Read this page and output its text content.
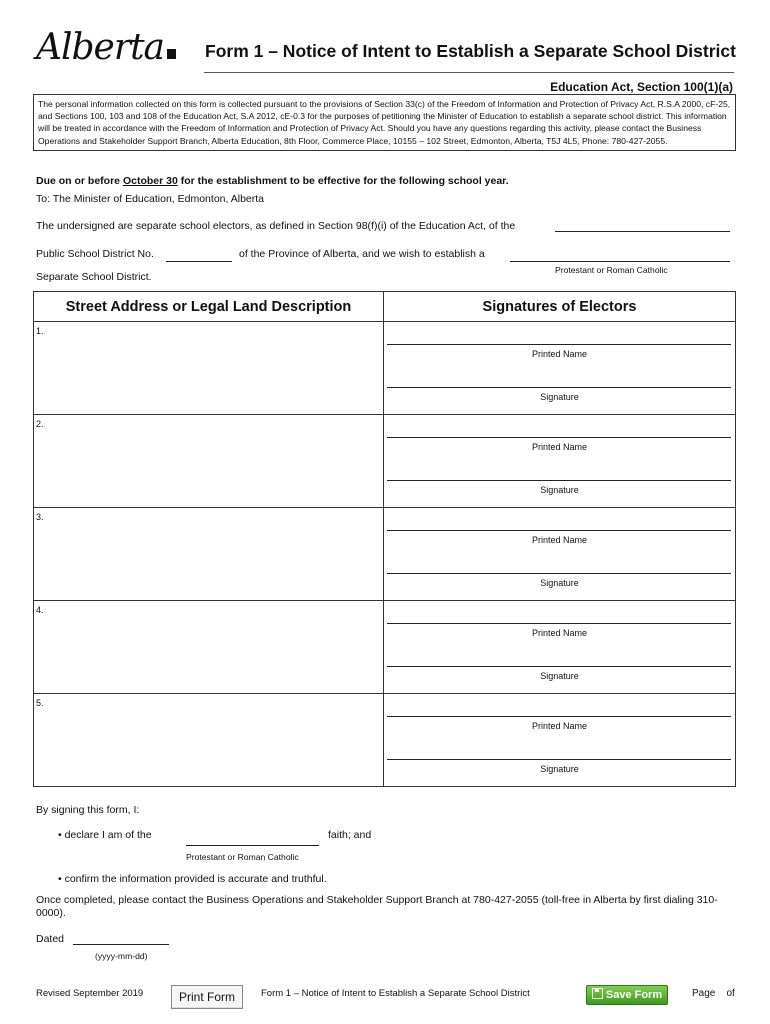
Alberta	Form 1 – Notice of Intent to Establish a Separate School District
Education Act, Section 100(1)(a)
The personal information collected on this form is collected pursuant to the provisions of Section 33(c) of the Freedom of Information and Protection of Privacy Act, R.S.A 2000, cF-25, and Sections 100, 103 and 108 of the Education Act, S.A 2012, cE-0.3 for the purposes of petitioning the Minister of Education to establish a separate school district. This information will be treated in accordance with the Freedom of Information and Protection of Privacy Act. Should you have any questions regarding this activity, please contact the Business Operations and Stakeholder Support Branch, Alberta Education, 8th Floor, Commerce Place, 10155 – 102 Street, Edmonton, Alberta, T5J 4L5, Phone: 780-427-2055.
Due on or before October 30 for the establishment to be effective for the following school year.
To: The Minister of Education, Edmonton, Alberta
The undersigned are separate school electors, as defined in Section 98(f)(i) of the Education Act, of the
Public School District No.	of the Province of Alberta, and we wish to establish a
Protestant or Roman Catholic
Separate School District.
Street Address or Legal Land Description	Signatures of Electors

1.	Printed Name
Signature

2.	Printed Name
Signature

3.	Printed Name
Signature

4.	Printed Name
Signature

5.	Printed Name
Signature
By signing this form, I:
• declare I am of the	faith; and
Protestant or Roman Catholic
• confirm the information provided is accurate and truthful.
Once completed, please contact the Business Operations and Stakeholder Support Branch at 780-427-2055 (toll-free in Alberta by first dialing 310-0000).
Dated
(yyyy-mm-dd)
Revised September 2019	Print Form	Form 1 – Notice of Intent to Establish a Separate School District	Save Form	Page of
